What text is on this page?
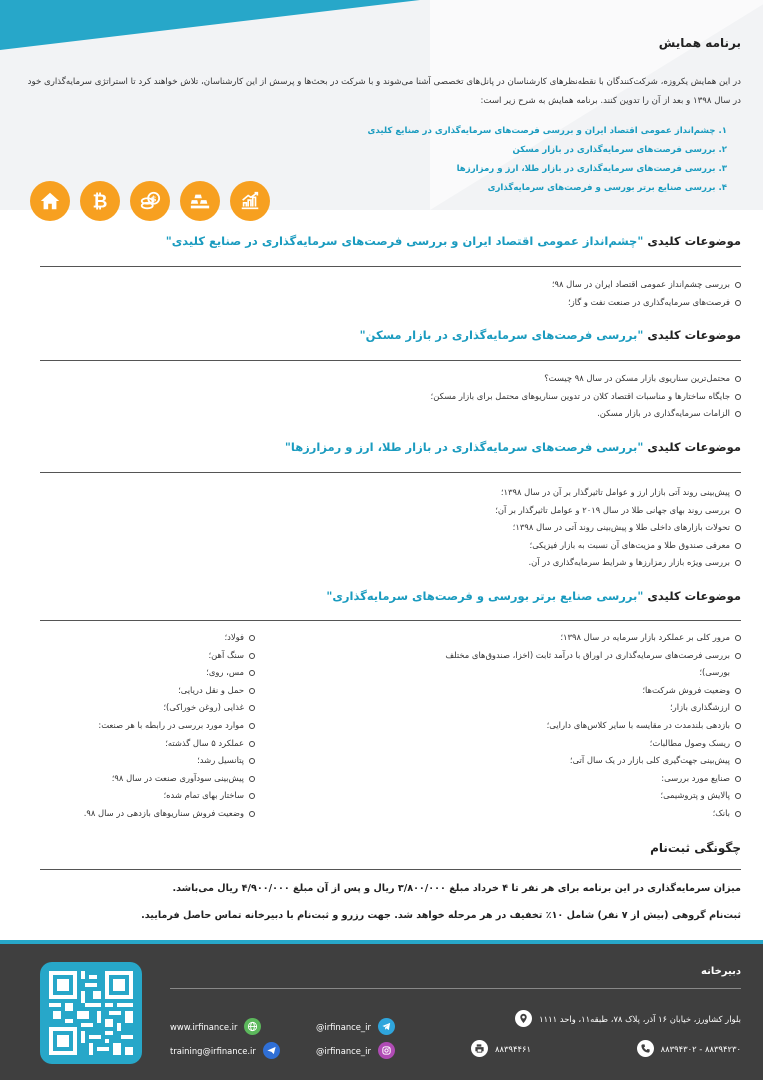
برنامه همایش

در این همایش یکروزه، شرکت‌کنندگان با نقطه‌نظرهای کارشناسان در پانل‌های تخصصی آشنا می‌شوند و با شرکت در بحث‌ها و پرسش از این کارشناسان، تلاش خواهند کرد تا استراتژی سرمایه‌گذاری خود در سال ۱۳۹۸ و بعد از آن را تدوین کنند. برنامه همایش به شرح زیر است:

۱. چشم‌انداز عمومی اقتصاد ایران و بررسی فرصت‌های سرمایه‌گذاری در صنایع کلیدی
۲. بررسی فرصت‌های سرمایه‌گذاری در بازار مسکن
۳. بررسی فرصت‌های سرمایه‌گذاری در بازار طلا، ارز و رمزارزها
۴. بررسی صنایع برتر بورسی و فرصت‌های سرمایه‌گذاری
₿	$
موضوعات کلیدی "چشم‌انداز عمومی اقتصاد ایران و بررسی فرصت‌های سرمایه‌گذاری در صنایع کلیدی"
بررسی چشم‌انداز عمومی اقتصاد ایران در سال ۹۸؛
فرصت‌های سرمایه‌گذاری در صنعت نفت و گاز؛
موضوعات کلیدی "بررسی فرصت‌های سرمایه‌گذاری در بازار مسکن"
محتمل‌ترین سناریوی بازار مسکن در سال ۹۸ چیست؟
جایگاه ساختارها و مناسبات اقتصاد کلان در تدوین سناریوهای محتمل برای بازار مسکن؛
الزامات سرمایه‌گذاری در بازار مسکن.
موضوعات کلیدی "بررسی فرصت‌های سرمایه‌گذاری در بازار طلا، ارز و رمزارزها"
پیش‌بینی روند آتی بازار ارز و عوامل تاثیرگذار بر آن در سال ۱۳۹۸؛
بررسی روند بهای جهانی طلا در سال ۲۰۱۹ و عوامل تاثیرگذار بر آن؛
تحولات بازارهای داخلی طلا و پیش‌بینی روند آتی در سال ۱۳۹۸؛
معرفی صندوق طلا و مزیت‌های آن نسبت به بازار فیزیکی؛
بررسی ویژه بازار رمزارزها و شرایط سرمایه‌گذاری در آن.
موضوعات کلیدی "بررسی صنایع برتر بورسی و فرصت‌های سرمایه‌گذاری"
مرور کلی بر عملکرد بازار سرمایه در سال ۱۳۹۸؛
بررسی فرصت‌های سرمایه‌گذاری در اوراق با درآمد ثابت (اخزا، صندوق‌های مختلف بورسی)؛
وضعیت فروش شرکت‌ها؛
ارزشگذاری بازار؛
بازدهی بلندمدت در مقایسه با سایر کلاس‌های دارایی؛
ریسک وصول مطالبات؛
پیش‌بینی جهت‌گیری کلی بازار در یک سال آتی؛
صنایع مورد بررسی:
پالایش و پتروشیمی؛
بانک؛
فولاد؛
سنگ آهن؛
مس، روی؛
حمل و نقل دریایی؛
غذایی (روغن خوراکی)؛
موارد مورد بررسی در رابطه با هر صنعت:
عملکرد ۵ سال گذشته؛
پتانسیل رشد؛
پیش‌بینی سودآوری صنعت در سال ۹۸؛
ساختار بهای تمام شده؛
وضعیت فروش سناریوهای بازدهی در سال ۹۸.
چگونگی ثبت‌نام

میزان سرمایه‌گذاری در این برنامه برای هر نفر تا ۴ خرداد مبلغ ۳/۸۰۰/۰۰۰ ریال و پس از آن مبلغ ۴/۹۰۰/۰۰۰ ریال می‌باشد.

ثبت‌نام گروهی (بیش از ۷ نفر) شامل ۱۰٪ تخفیف در هر مرحله خواهد شد. جهت رزرو و ثبت‌نام با دبیرخانه تماس حاصل فرمایید.

دبیرخانه
بلوار کشاورز، خیابان ۱۶ آذر، پلاک ۷۸، طبقه۱۱، واحد ۱۱۱۱
۸۸۳۹۴۲۳۰ - ۸۸۳۹۴۳۰۲
۸۸۳۹۴۴۶۱
@irfinance_ir
@irfinance_ir
www.irfinance.ir
training@irfinance.ir
